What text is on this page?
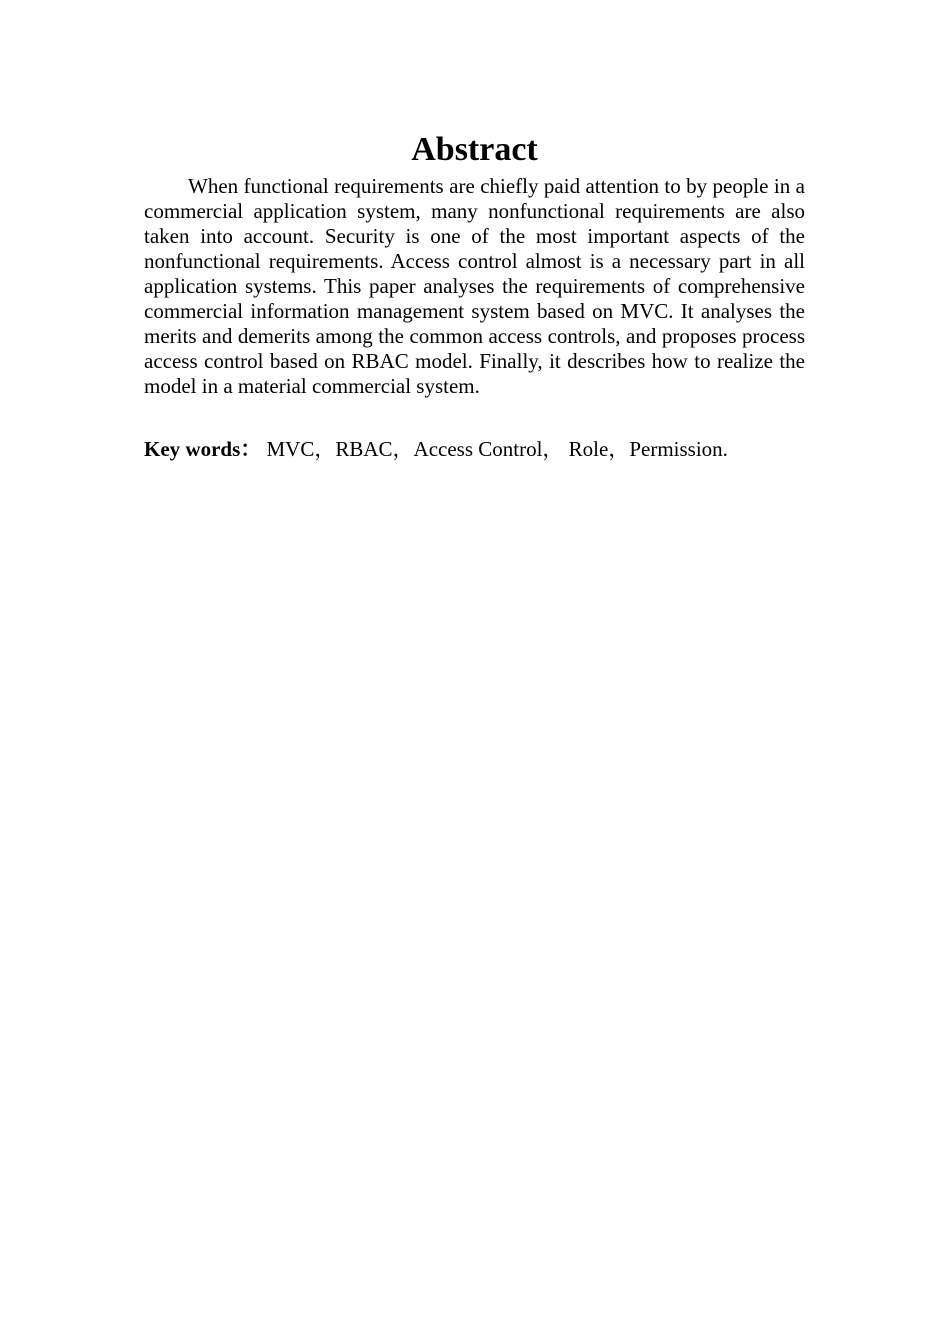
Abstract

When functional requirements are chiefly paid attention to by people in a commercial application system, many nonfunctional requirements are also taken into account. Security is one of the most important aspects of the nonfunctional requirements. Access control almost is a necessary part in all application systems. This paper analyses the requirements of comprehensive commercial information management system based on MVC. It analyses the merits and demerits among the common access controls, and proposes process access control based on RBAC model. Finally, it describes how to realize the model in a material commercial system.

Key words： MVC，RBAC，Access Control， Role，Permission.
